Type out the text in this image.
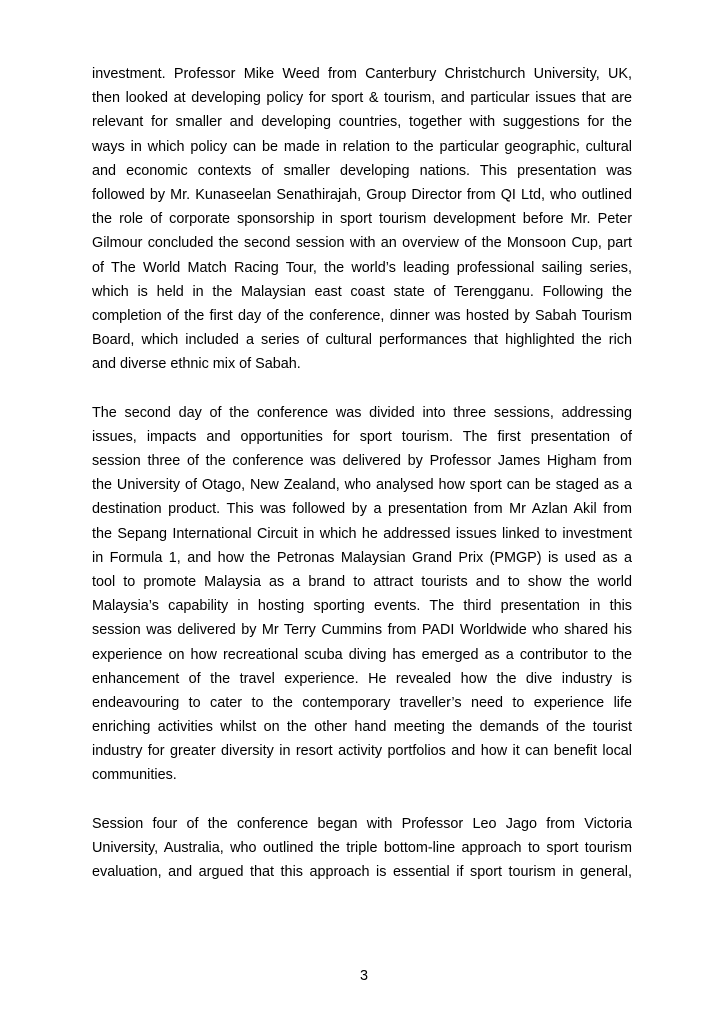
investment. Professor Mike Weed from Canterbury Christchurch University, UK,
then looked at developing policy for sport & tourism, and particular issues that are
relevant for smaller and developing countries, together with suggestions for the
ways in which policy can be made in relation to the particular geographic, cultural
and economic contexts of smaller developing nations. This presentation was
followed by Mr. Kunaseelan Senathirajah, Group Director from QI Ltd, who outlined
the role of corporate sponsorship in sport tourism development before Mr. Peter
Gilmour concluded the second session with an overview of the Monsoon Cup, part
of The World Match Racing Tour, the world’s leading professional sailing series,
which is held in the Malaysian east coast state of Terengganu. Following the
completion of the first day of the conference, dinner was hosted by Sabah Tourism
Board, which included a series of cultural performances that highlighted the rich
and diverse ethnic mix of Sabah.
The second day of the conference was divided into three sessions, addressing
issues, impacts and opportunities for sport tourism. The first presentation of
session three of the conference was delivered by Professor James Higham from
the University of Otago, New Zealand, who analysed how sport can be staged as a
destination product. This was followed by a presentation from Mr Azlan Akil from
the Sepang International Circuit in which he addressed issues linked to investment
in Formula 1, and how the Petronas Malaysian Grand Prix (PMGP) is used as a
tool to promote Malaysia as a brand to attract tourists and to show the world
Malaysia’s capability in hosting sporting events. The third presentation in this
session was delivered by Mr Terry Cummins from PADI Worldwide who shared his
experience on how recreational scuba diving has emerged as a contributor to the
enhancement of the travel experience. He revealed how the dive industry is
endeavouring to cater to the contemporary traveller’s need to experience life
enriching activities whilst on the other hand meeting the demands of the tourist
industry for greater diversity in resort activity portfolios and how it can benefit local
communities.
Session four of the conference began with Professor Leo Jago from Victoria
University, Australia, who outlined the triple bottom-line approach to sport tourism
evaluation, and argued that this approach is essential if sport tourism in general,
3
